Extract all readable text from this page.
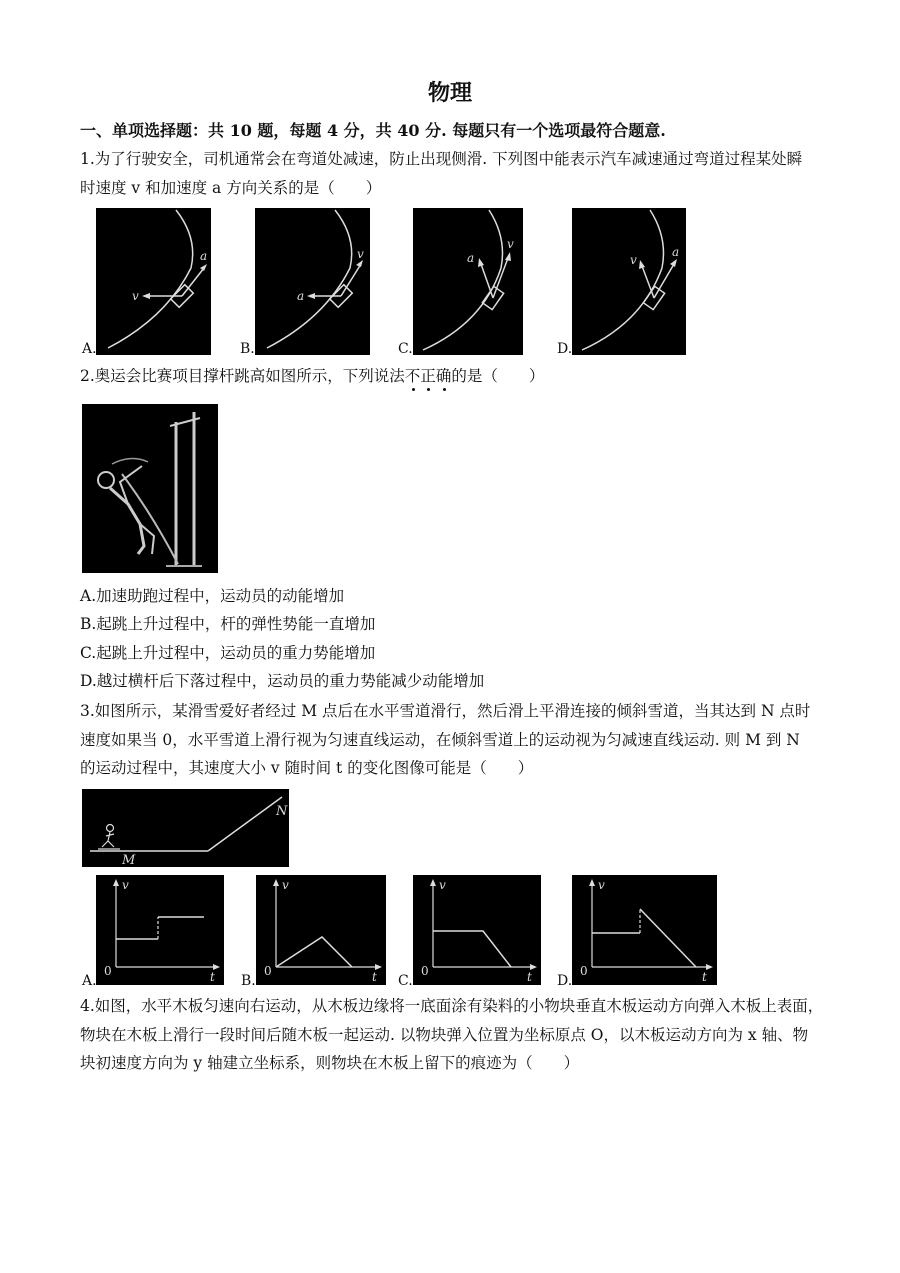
物理
一、单项选择题：共 10 题，每题 4 分，共 40 分. 每题只有一个选项最符合题意.
1.为了行驶安全，司机通常会在弯道处减速，防止出现侧滑. 下列图中能表示汽车减速通过弯道过程某处瞬
时速度 v 和加速度 a 方向关系的是（　　）
a
v
A.
v
a
B.
a
v
C.
v
a
D.
2.奥运会比赛项目撑杆跳高如图所示，下列说法不正确的是（　　）
A.加速助跑过程中，运动员的动能增加
B.起跳上升过程中，杆的弹性势能一直增加
C.起跳上升过程中，运动员的重力势能增加
D.越过横杆后下落过程中，运动员的重力势能减少动能增加
3.如图所示，某滑雪爱好者经过 M 点后在水平雪道滑行，然后滑上平滑连接的倾斜雪道，当其达到 N 点时
速度如果当 0，水平雪道上滑行视为匀速直线运动，在倾斜雪道上的运动视为匀减速直线运动. 则 M 到 N
的运动过程中，其速度大小 v 随时间 t 的变化图像可能是（　　）
M
N
v
t
0
A.
v
t
0
B.
v
t
0
C.
v
t
0
D.
4.如图，水平木板匀速向右运动，从木板边缘将一底面涂有染料的小物块垂直木板运动方向弹入木板上表面，
物块在木板上滑行一段时间后随木板一起运动. 以物块弹入位置为坐标原点 O，以木板运动方向为 x 轴、物
块初速度方向为 y 轴建立坐标系，则物块在木板上留下的痕迹为（　　）
